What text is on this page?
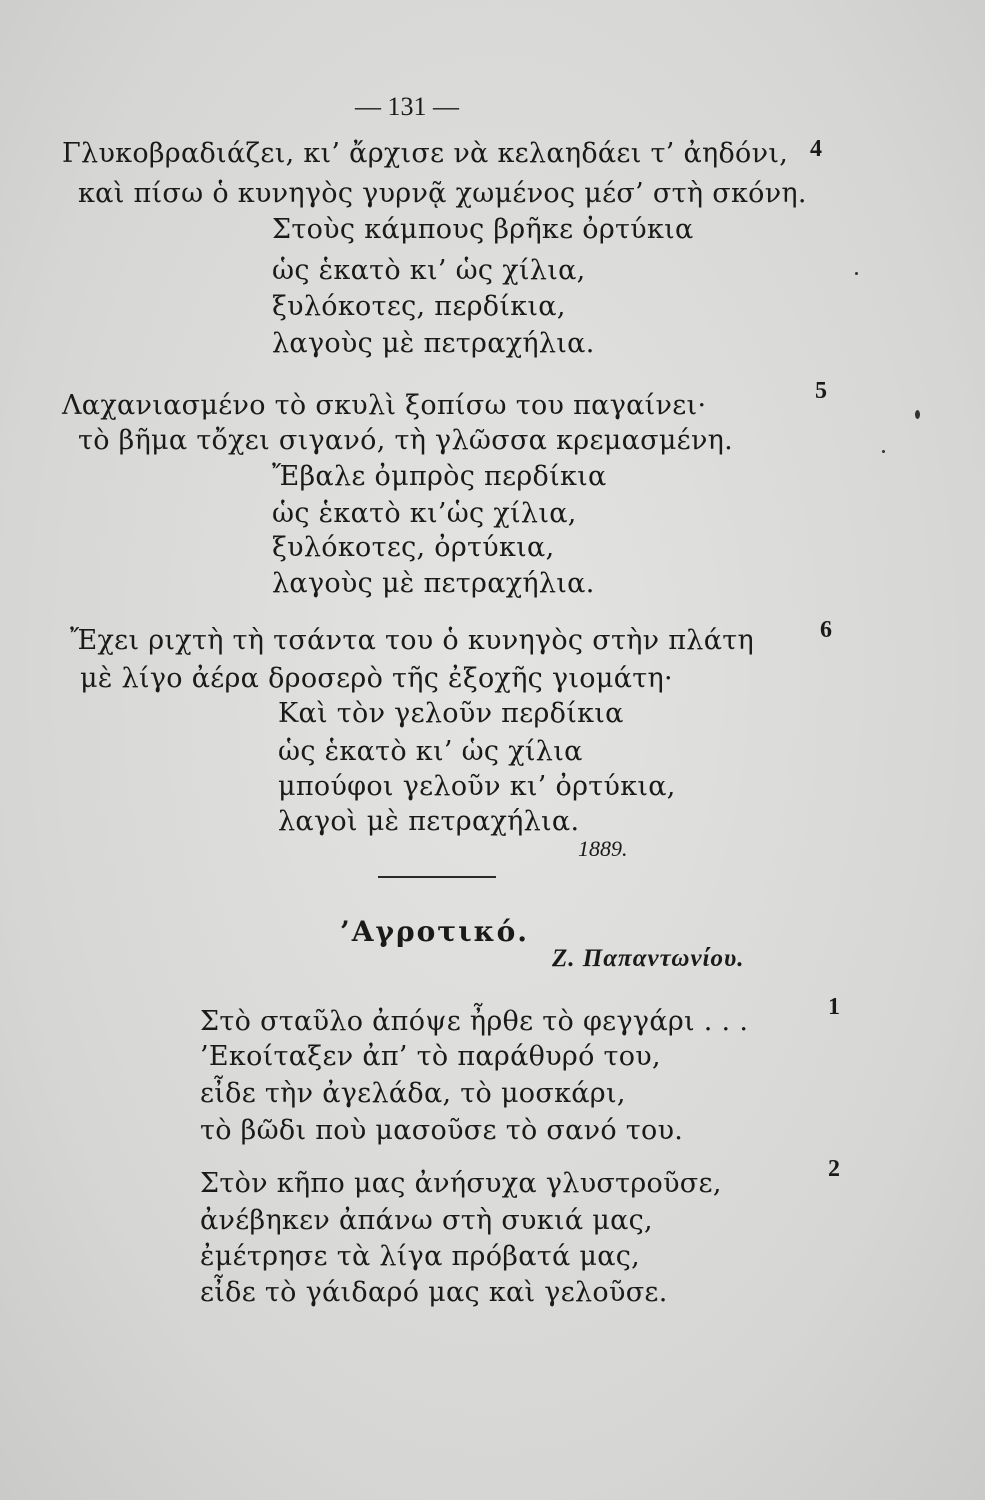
— 131 —
Γλυκοβραδιάζει, κι’ ἄρχισε νὰ κελαηδάει τ’ ἀηδόνι,
καὶ πίσω ὁ κυνηγὸς γυρνᾷ χωμένος μέσ’ στὴ σκόνη.
Στοὺς κάμπους βρῆκε ὀρτύκια
ὡς ἑκατὸ κι’ ὡς χίλια,
ξυλόκοτες, περδίκια,
λαγοὺς μὲ πετραχήλια.
4
Λαχανιασμένο τὸ σκυλὶ ξοπίσω του παγαίνει·
τὸ βῆμα τὄχει σιγανό, τὴ γλῶσσα κρεμασμένη.
Ἔβαλε ὀμπρὸς περδίκια
ὡς ἑκατὸ κι’ὡς χίλια,
ξυλόκοτες, ὀρτύκια,
λαγοὺς μὲ πετραχήλια.
5
Ἔχει ριχτὴ τὴ τσάντα του ὁ κυνηγὸς στὴν πλάτη
μὲ λίγο ἀέρα δροσερὸ τῆς ἐξοχῆς γιομάτη·
Καὶ τὸν γελοῦν περδίκια
ὡς ἑκατὸ κι’ ὡς χίλια
μπούφοι γελοῦν κι’ ὀρτύκια,
λαγοὶ μὲ πετραχήλια.
6
1889.
’Αγροτικό.
Ζ. Παπαντωνίου.
Στὸ σταῦλο ἀπόψε ἦρθε τὸ φεγγάρι . . .
’Εκοίταξεν ἀπ’ τὸ παράθυρό του,
εἶδε τὴν ἀγελάδα, τὸ μοσκάρι,
τὸ βῶδι ποὺ μασοῦσε τὸ σανό του.
1
Στὸν κῆπο μας ἀνήσυχα γλυστροῦσε,
ἀνέβηκεν ἀπάνω στὴ συκιά μας,
ἐμέτρησε τὰ λίγα πρόβατά μας,
εἶδε τὸ γάιδαρό μας καὶ γελοῦσε.
2
